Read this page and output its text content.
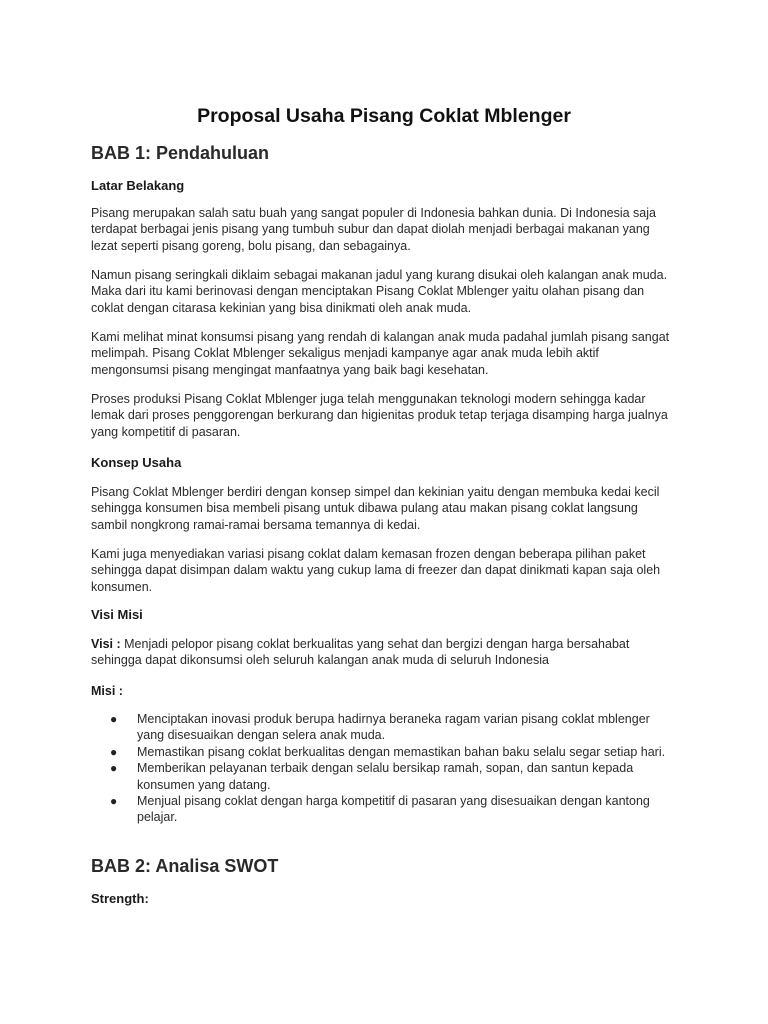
Proposal Usaha Pisang Coklat Mblenger
BAB 1: Pendahuluan
Latar Belakang

Pisang merupakan salah satu buah yang sangat populer di Indonesia bahkan dunia. Di Indonesia saja terdapat berbagai jenis pisang yang tumbuh subur dan dapat diolah menjadi berbagai makanan yang lezat seperti pisang goreng, bolu pisang, dan sebagainya.

Namun pisang seringkali diklaim sebagai makanan jadul yang kurang disukai oleh kalangan anak muda. Maka dari itu kami berinovasi dengan menciptakan Pisang Coklat Mblenger yaitu olahan pisang dan coklat dengan citarasa kekinian yang bisa dinikmati oleh anak muda.

Kami melihat minat konsumsi pisang yang rendah di kalangan anak muda padahal jumlah pisang sangat melimpah. Pisang Coklat Mblenger sekaligus menjadi kampanye agar anak muda lebih aktif mengonsumsi pisang mengingat manfaatnya yang baik bagi kesehatan.

Proses produksi Pisang Coklat Mblenger juga telah menggunakan teknologi modern sehingga kadar lemak dari proses penggorengan berkurang dan higienitas produk tetap terjaga disamping harga jualnya yang kompetitif di pasaran.

Konsep Usaha

Pisang Coklat Mblenger berdiri dengan konsep simpel dan kekinian yaitu dengan membuka kedai kecil sehingga konsumen bisa membeli pisang untuk dibawa pulang atau makan pisang coklat langsung sambil nongkrong ramai-ramai bersama temannya di kedai.

Kami juga menyediakan variasi pisang coklat dalam kemasan frozen dengan beberapa pilihan paket sehingga dapat disimpan dalam waktu yang cukup lama di freezer dan dapat dinikmati kapan saja oleh konsumen.

Visi Misi

Visi : Menjadi pelopor pisang coklat berkualitas yang sehat dan bergizi dengan harga bersahabat sehingga dapat dikonsumsi oleh seluruh kalangan anak muda di seluruh Indonesia

Misi :

● Menciptakan inovasi produk berupa hadirnya beraneka ragam varian pisang coklat mblenger yang disesuaikan dengan selera anak muda.
● Memastikan pisang coklat berkualitas dengan memastikan bahan baku selalu segar setiap hari.
● Memberikan pelayanan terbaik dengan selalu bersikap ramah, sopan, dan santun kepada konsumen yang datang.
● Menjual pisang coklat dengan harga kompetitif di pasaran yang disesuaikan dengan kantong pelajar.
BAB 2: Analisa SWOT
Strength:
